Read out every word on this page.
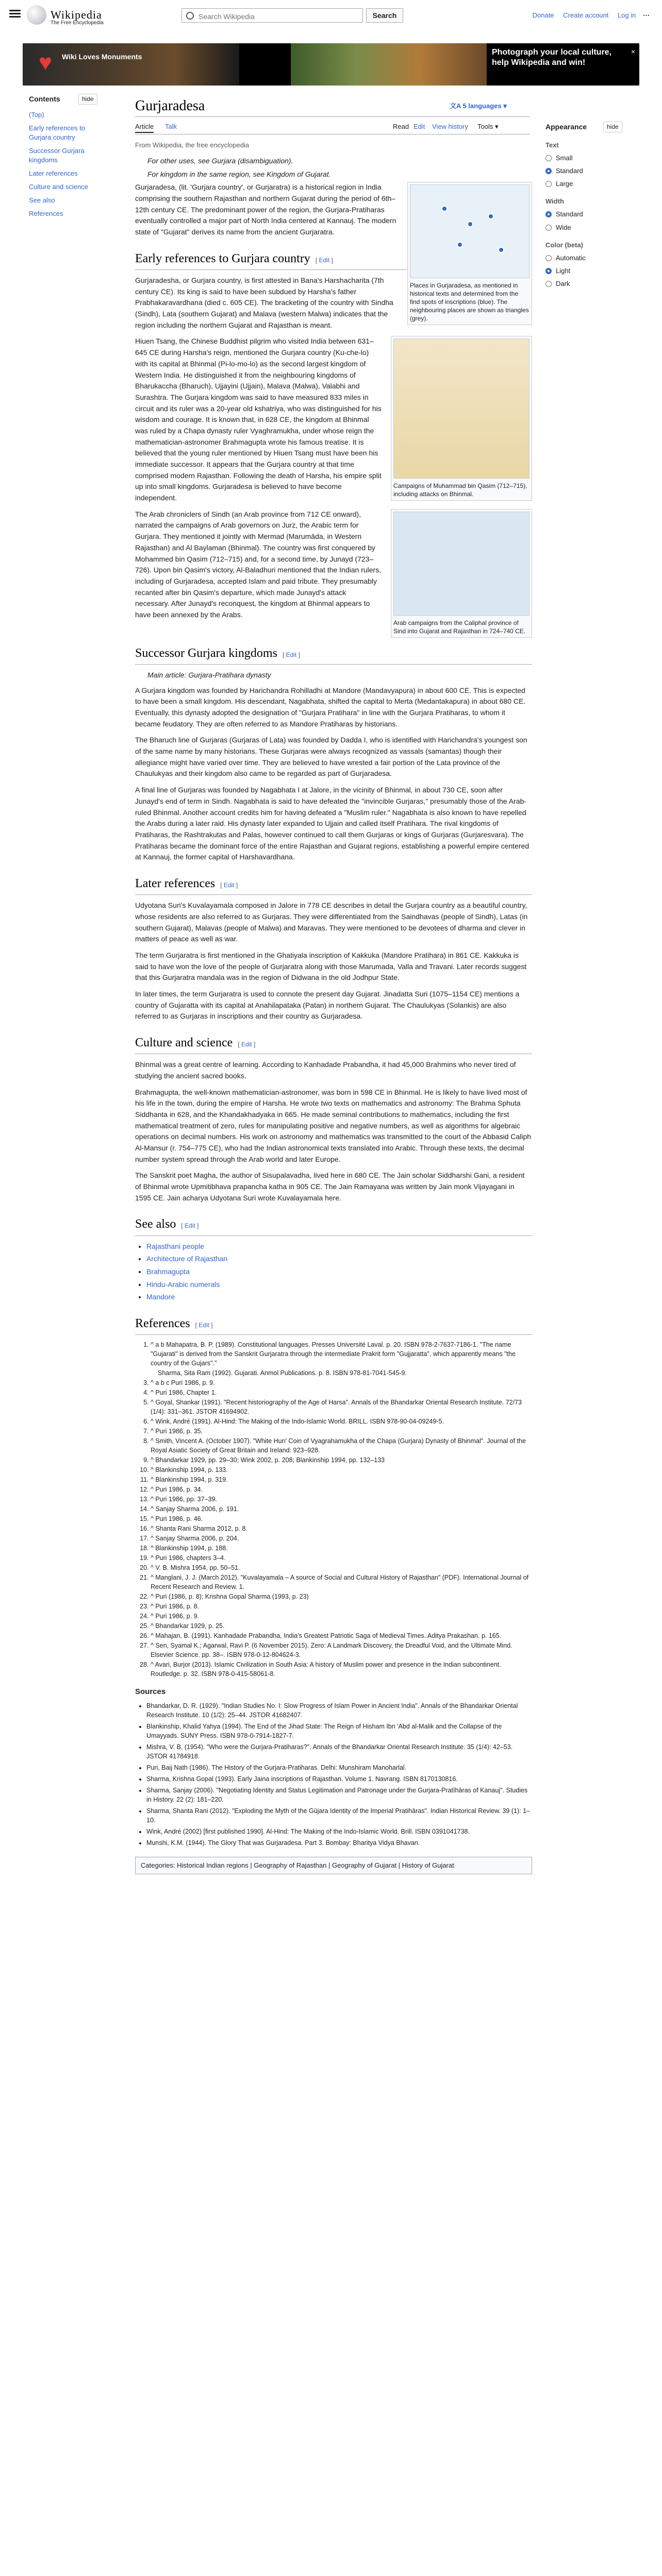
Wikipedia
The Free Encyclopedia
Search Wikipedia
Search	Donate Create account Log in ⋯
♥	Wiki Loves Monuments	Photograph your local culture, help Wikipedia and win!
×
Contents	hide
(Top)
Early references to Gurjara country
Successor Gurjara kingdoms
Later references
Culture and science
See also
References
Gurjaradesa	文A 5 languages ▾
Article Talk	Read Edit View history Tools ▾
From Wikipedia, the free encyclopedia
Appearance	hide
Text
Small
Standard
Large
Width
Standard
Wide
Color (beta)
Automatic
Light
Dark
For other uses, see Gurjara (disambiguation).
For kingdom in the same region, see Kingdom of Gujarat.
Places in Gurjaradesa, as mentioned in historical texts and determined from the find spots of inscriptions (blue). The neighbouring places are shown as triangles (grey).

Gurjaradesa, (lit. 'Gurjara country', or Gurjaratra) is a historical region in India comprising the southern Rajasthan and northern Gujarat during the period of 6th–12th century CE. The predominant power of the region, the Gurjara-Pratiharas eventually controlled a major part of North India centered at Kannauj. The modern state of "Gujarat" derives its name from the ancient Gurjaratra.

Early references to Gurjara country [ Edit ]

Gurjaradesha, or Gurjara country, is first attested in Bana's Harshacharita (7th century CE). Its king is said to have been subdued by Harsha's father Prabhakaravardhana (died c. 605 CE). The bracketing of the country with Sindha (Sindh), Lata (southern Gujarat) and Malava (western Malwa) indicates that the region including the northern Gujarat and Rajasthan is meant.

Campaigns of Muhammad bin Qasim (712–715), including attacks on Bhinmal.

Hiuen Tsang, the Chinese Buddhist pilgrim who visited India between 631–645 CE during Harsha's reign, mentioned the Gurjara country (Ku-che-lo) with its capital at Bhinmal (Pi-lo-mo-lo) as the second largest kingdom of Western India. He distinguished it from the neighbouring kingdoms of Bharukaccha (Bharuch), Ujjayini (Ujjain), Malava (Malwa), Valabhi and Surashtra. The Gurjara kingdom was said to have measured 833 miles in circuit and its ruler was a 20-year old kshatriya, who was distinguished for his wisdom and courage. It is known that, in 628 CE, the kingdom at Bhinmal was ruled by a Chapa dynasty ruler Vyaghramukha, under whose reign the mathematician-astronomer Brahmagupta wrote his famous treatise. It is believed that the young ruler mentioned by Hiuen Tsang must have been his immediate successor. It appears that the Gurjara country at that time comprised modern Rajasthan. Following the death of Harsha, his empire split up into small kingdoms. Gurjaradesa is believed to have become independent.

Arab campaigns from the Caliphal province of Sind into Gujarat and Rajasthan in 724–740 CE.

The Arab chroniclers of Sindh (an Arab province from 712 CE onward), narrated the campaigns of Arab governors on Jurz, the Arabic term for Gurjara. They mentioned it jointly with Mermad (Marumāda, in Western Rajasthan) and Al Baylaman (Bhinmal). The country was first conquered by Mohammed bin Qasim (712–715) and, for a second time, by Junayd (723–726). Upon bin Qasim's victory, Al-Baladhuri mentioned that the Indian rulers, including of Gurjaradesa, accepted Islam and paid tribute. They presumably recanted after bin Qasim's departure, which made Junayd's attack necessary. After Junayd's reconquest, the kingdom at Bhinmal appears to have been annexed by the Arabs.

Successor Gurjara kingdoms [ Edit ]
Main article: Gurjara-Pratihara dynasty

A Gurjara kingdom was founded by Harichandra Rohilladhi at Mandore (Mandavyapura) in about 600 CE. This is expected to have been a small kingdom. His descendant, Nagabhata, shifted the capital to Merta (Medantakapura) in about 680 CE. Eventually, this dynasty adopted the designation of "Gurjara Pratihara" in line with the Gurjara Pratiharas, to whom it became feudatory. They are often referred to as Mandore Pratiharas by historians.

The Bharuch line of Gurjaras (Gurjaras of Lata) was founded by Dadda I, who is identified with Harichandra's youngest son of the same name by many historians. These Gurjaras were always recognized as vassals (samantas) though their allegiance might have varied over time. They are believed to have wrested a fair portion of the Lata province of the Chaulukyas and their kingdom also came to be regarded as part of Gurjaradesa.

A final line of Gurjaras was founded by Nagabhata I at Jalore, in the vicinity of Bhinmal, in about 730 CE, soon after Junayd's end of term in Sindh. Nagabhata is said to have defeated the "invincible Gurjaras," presumably those of the Arab-ruled Bhinmal. Another account credits him for having defeated a "Muslim ruler." Nagabhata is also known to have repelled the Arabs during a later raid. His dynasty later expanded to Ujjain and called itself Pratihara. The rival kingdoms of Pratiharas, the Rashtrakutas and Palas, however continued to call them Gurjaras or kings of Gurjaras (Gurjaresvara). The Pratiharas became the dominant force of the entire Rajasthan and Gujarat regions, establishing a powerful empire centered at Kannauj, the former capital of Harshavardhana.

Later references [ Edit ]

Udyotana Suri's Kuvalayamala composed in Jalore in 778 CE describes in detail the Gurjara country as a beautiful country, whose residents are also referred to as Gurjaras. They were differentiated from the Saindhavas (people of Sindh), Latas (in southern Gujarat), Malavas (people of Malwa) and Maravas. They were mentioned to be devotees of dharma and clever in matters of peace as well as war.

The term Gurjaratra is first mentioned in the Ghatiyala inscription of Kakkuka (Mandore Pratihara) in 861 CE. Kakkuka is said to have won the love of the people of Gurjaratra along with those Marumada, Valla and Travani. Later records suggest that this Gurjaratra mandala was in the region of Didwana in the old Jodhpur State.

In later times, the term Gurjaratra is used to connote the present day Gujarat. Jinadatta Suri (1075–1154 CE) mentions a country of Gujaratta with its capital at Anahilapataka (Patan) in northern Gujarat. The Chaulukyas (Solankis) are also referred to as Gurjaras in inscriptions and their country as Gurjaradesa.

Culture and science [ Edit ]

Bhinmal was a great centre of learning. According to Kanhadade Prabandha, it had 45,000 Brahmins who never tired of studying the ancient sacred books.

Brahmagupta, the well-known mathematician-astronomer, was born in 598 CE in Bhinmal. He is likely to have lived most of his life in the town, during the empire of Harsha. He wrote two texts on mathematics and astronomy: The Brahma Sphuta Siddhanta in 628, and the Khandakhadyaka in 665. He made seminal contributions to mathematics, including the first mathematical treatment of zero, rules for manipulating positive and negative numbers, as well as algorithms for algebraic operations on decimal numbers. His work on astronomy and mathematics was transmitted to the court of the Abbasid Caliph Al-Mansur (r. 754–775 CE), who had the Indian astronomical texts translated into Arabic. Through these texts, the decimal number system spread through the Arab world and later Europe.

The Sanskrit poet Magha, the author of Sisupalavadha, lived here in 680 CE. The Jain scholar Siddharshi Gani, a resident of Bhinmal wrote Upmitibhava prapancha katha in 905 CE. The Jain Ramayana was written by Jain monk Vijayagani in 1595 CE. Jain acharya Udyotana Suri wrote Kuvalayamala here.

See also [ Edit ]
• Rajasthani people
• Architecture of Rajasthan
• Brahmagupta
• Hindu-Arabic numerals
• Mandore
References [ Edit ]
1. ^ a b Mahapatra, B. P. (1989). Constitutional languages. Presses Université Laval. p. 20. ISBN 978-2-7637-7186-1. "The name "Gujarati" is derived from the Sanskrit Gurjaratra through the intermediate Prakrit form "Gujjaratta", which apparently means "the country of the Gujars"."
Sharma, Sita Ram (1992). Gujarati. Anmol Publications. p. 8. ISBN 978-81-7041-545-9.
3. ^ a b c Puri 1986, p. 9.
4. ^ Puri 1986, Chapter 1.
5. ^ Goyal, Shankar (1991). "Recent historiography of the Age of Harsa". Annals of the Bhandarkar Oriental Research Institute. 72/73 (1/4): 331–361. JSTOR 41694902.
6. ^ Wink, André (1991). Al-Hind: The Making of the Indo-Islamic World. BRILL. ISBN 978-90-04-09249-5.
7. ^ Puri 1986, p. 35.
8. ^ Smith, Vincent A. (October 1907). "White Hun' Coin of Vyagrahamukha of the Chapa (Gurjara) Dynasty of Bhinmal". Journal of the Royal Asiatic Society of Great Britain and Ireland: 923–928.
9. ^ Bhandarkar 1929, pp. 29–30; Wink 2002, p. 208; Blankinship 1994, pp. 132–133
10. ^ Blankinship 1994, p. 133.
11. ^ Blankinship 1994, p. 319.
12. ^ Puri 1986, p. 34.
13. ^ Puri 1986, pp. 37–39.
14. ^ Sanjay Sharma 2006, p. 191.
15. ^ Puri 1986, p. 46.
16. ^ Shanta Rani Sharma 2012, p. 8.
17. ^ Sanjay Sharma 2006, p. 204.
18. ^ Blankinship 1994, p. 188.
19. ^ Puri 1986, chapters 3–4.
20. ^ V. B. Mishra 1954, pp. 50–51.
21. ^ Manglani, J. J. (March 2012). "Kuvalayamala – A source of Social and Cultural History of Rajasthan" (PDF). International Journal of Recent Research and Review. 1.
22. ^ Puri (1986, p. 8); Krishna Gopal Sharma (1993, p. 23)
23. ^ Puri 1986, p. 8.
24. ^ Puri 1986, p. 9.
25. ^ Bhandarkar 1929, p. 25.
26. ^ Mahajan, B. (1991). Kanhadade Prabandha, India's Greatest Patriotic Saga of Medieval Times. Aditya Prakashan. p. 165.
27. ^ Sen, Syamal K.; Agarwal, Ravi P. (6 November 2015). Zero: A Landmark Discovery, the Dreadful Void, and the Ultimate Mind. Elsevier Science. pp. 38–. ISBN 978-0-12-804624-3.
28. ^ Avari, Burjor (2013). Islamic Civilization in South Asia: A history of Muslim power and presence in the Indian subcontinent. Routledge. p. 32. ISBN 978-0-415-58061-8.
Sources
• Bhandarkar, D. R. (1929). "Indian Studies No. I: Slow Progress of Islam Power in Ancient India". Annals of the Bhandarkar Oriental Research Institute. 10 (1/2): 25–44. JSTOR 41682407.
• Blankinship, Khalid Yahya (1994). The End of the Jihad State: The Reign of Hisham Ibn 'Abd al-Malik and the Collapse of the Umayyads. SUNY Press. ISBN 978-0-7914-1827-7.
• Mishra, V. B. (1954). "Who were the Gurjara-Pratiharas?". Annals of the Bhandarkar Oriental Research Institute. 35 (1/4): 42–53. JSTOR 41784918.
• Puri, Baij Nath (1986). The History of the Gurjara-Pratiharas. Delhi: Munshiram Manoharlal.
• Sharma, Krishna Gopal (1993). Early Jaina inscriptions of Rajasthan. Volume 1. Navrang. ISBN 8170130816.
• Sharma, Sanjay (2006). "Negotiating Identity and Status Legitimation and Patronage under the Gurjara-Pratīhāras of Kanauj". Studies in History. 22 (2): 181–220.
• Sharma, Shanta Rani (2012). "Exploding the Myth of the Gūjara Identity of the Imperial Pratihāras". Indian Historical Review. 39 (1): 1–10.
• Wink, André (2002) [first published 1990]. Al-Hind: The Making of the Indo-Islamic World. Brill. ISBN 0391041738.
• Munshi, K.M. (1944). The Glory That was Gurjaradesa. Part 3. Bombay: Bharitya Vidya Bhavan.
Categories: Historical Indian regions | Geography of Rajasthan | Geography of Gujarat | History of Gujarat
